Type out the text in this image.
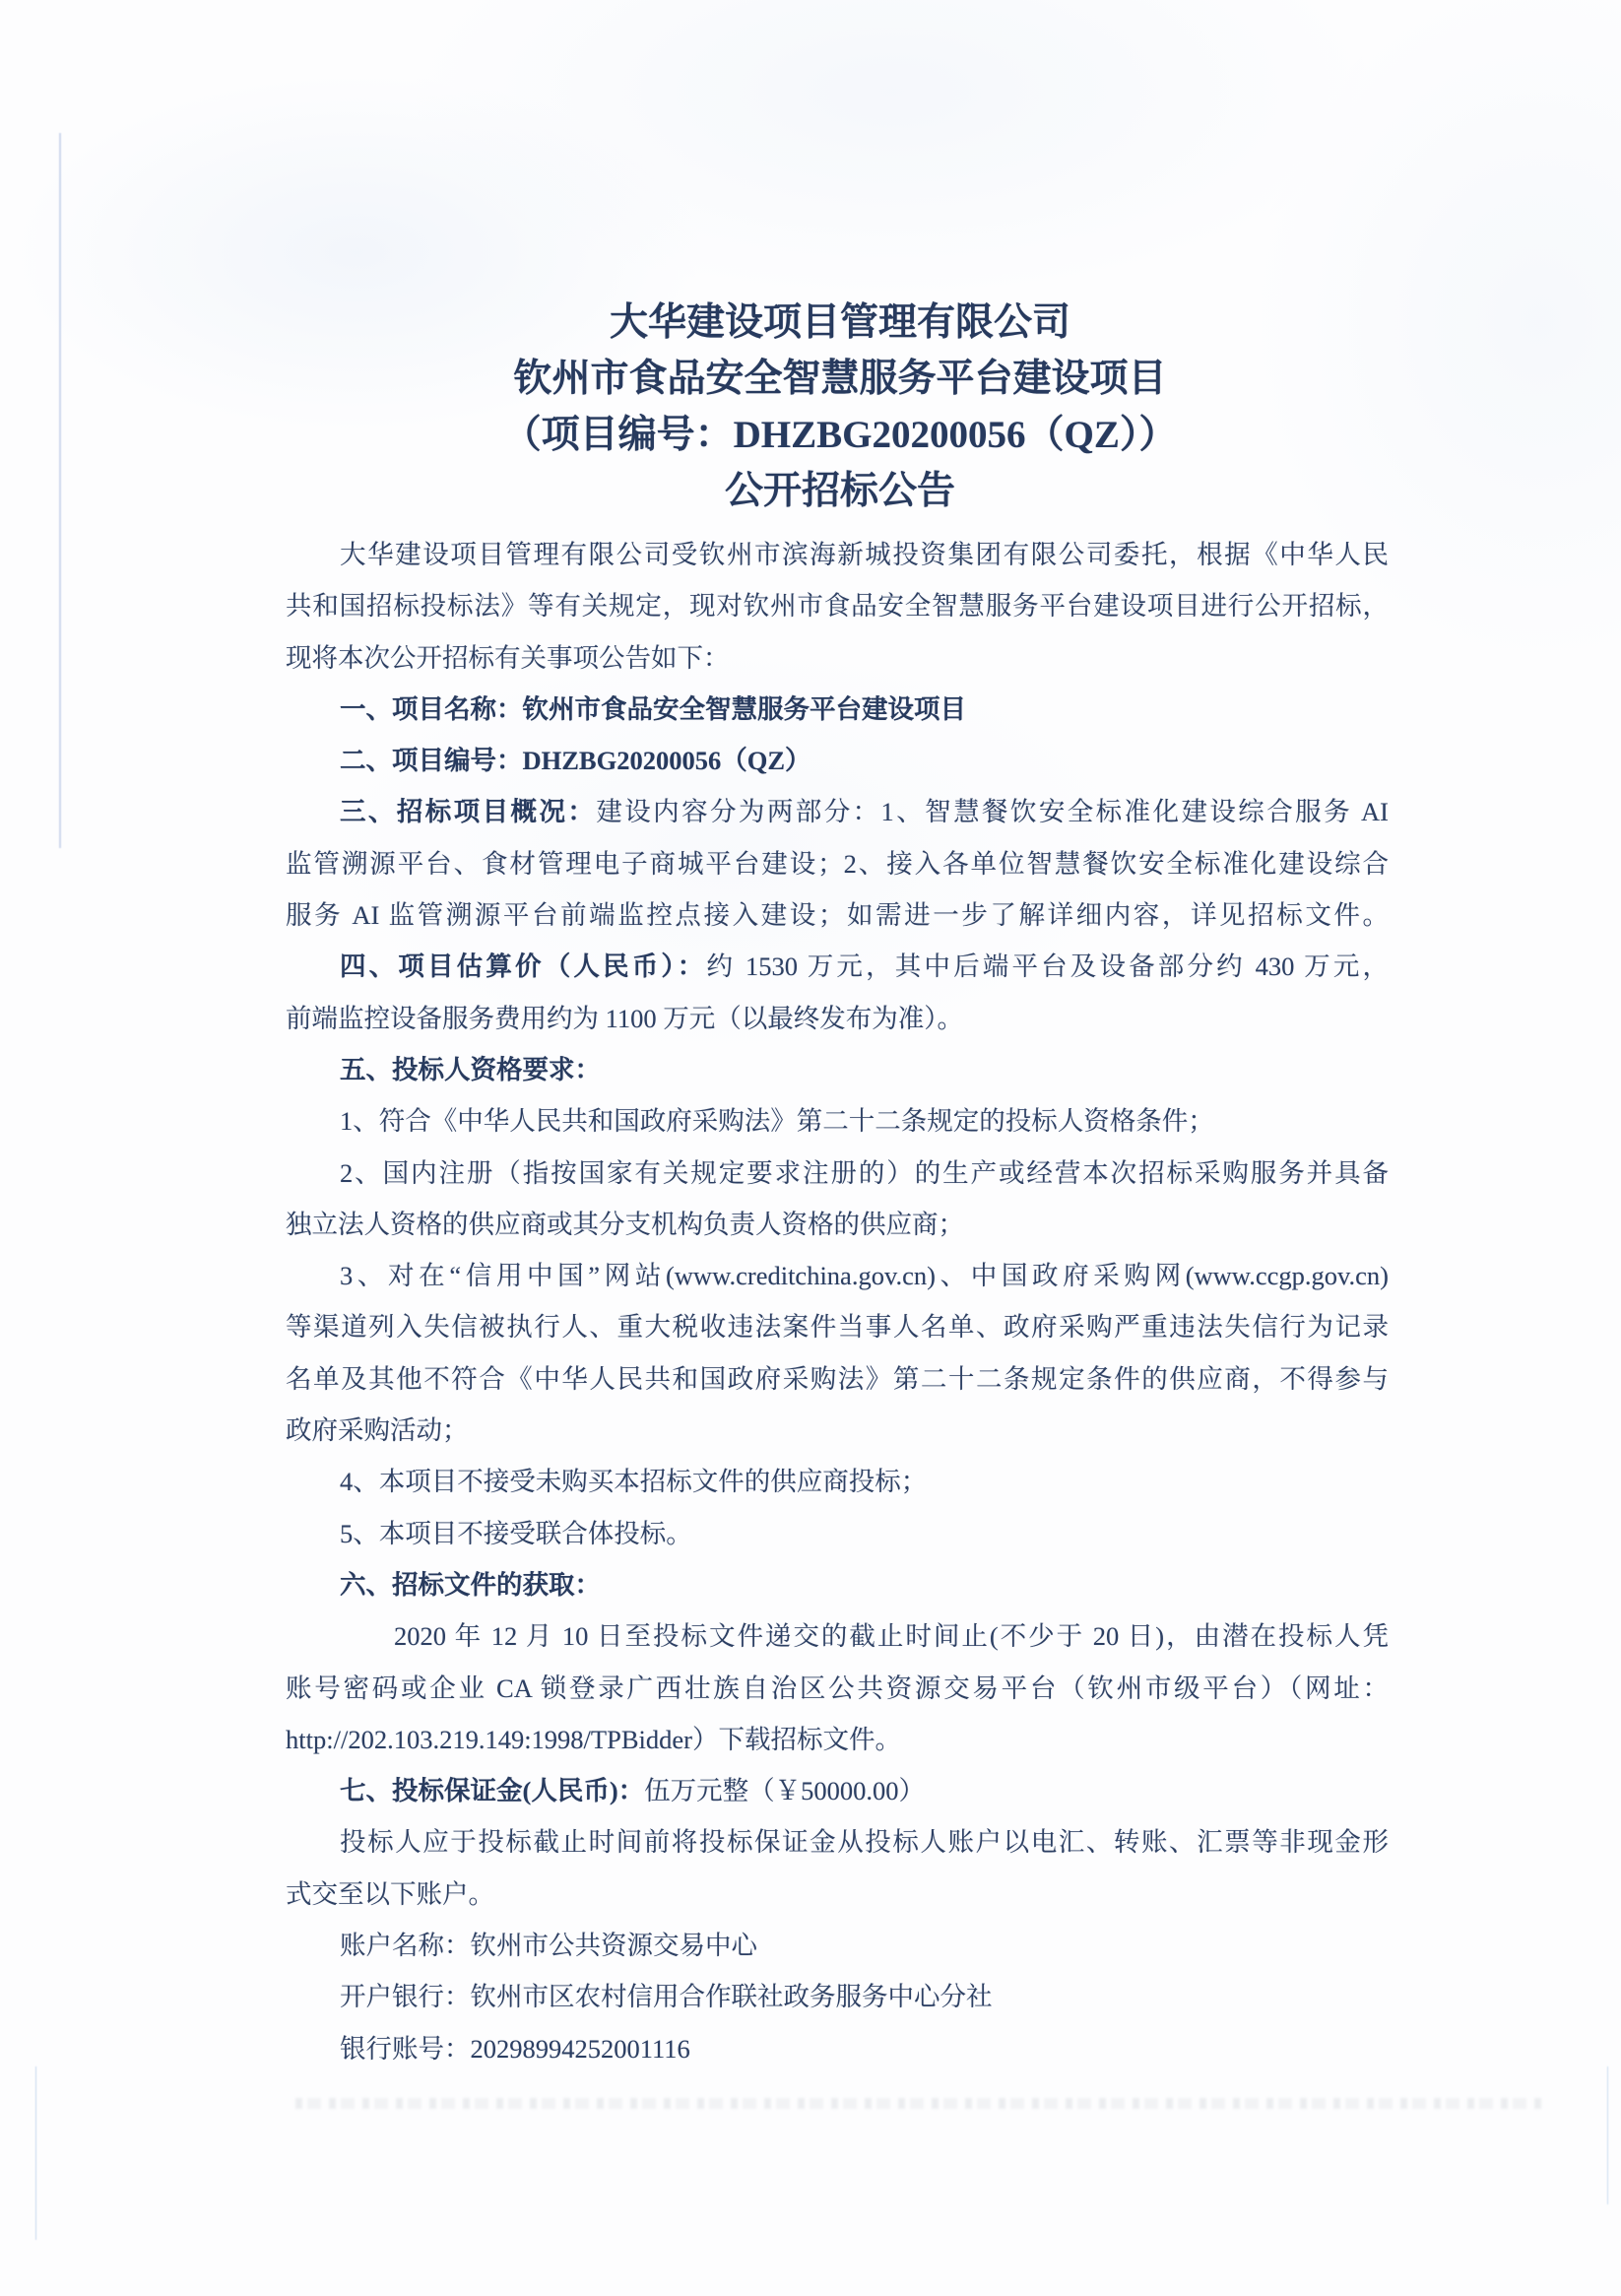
大华建设项目管理有限公司
钦州市食品安全智慧服务平台建设项目
（项目编号：DHZBG20200056（QZ））
公开招标公告
大华建设项目管理有限公司受钦州市滨海新城投资集团有限公司委托，根据《中华人民
共和国招标投标法》等有关规定，现对钦州市食品安全智慧服务平台建设项目进行公开招标，
现将本次公开招标有关事项公告如下：
一、项目名称：钦州市食品安全智慧服务平台建设项目
二、项目编号：DHZBG20200056（QZ）
三、招标项目概况：建设内容分为两部分：1、智慧餐饮安全标准化建设综合服务 AI
监管溯源平台、食材管理电子商城平台建设；2、接入各单位智慧餐饮安全标准化建设综合
服务 AI 监管溯源平台前端监控点接入建设；如需进一步了解详细内容，详见招标文件。
四、项目估算价（人民币）：约 1530 万元，其中后端平台及设备部分约 430 万元，
前端监控设备服务费用约为 1100 万元（以最终发布为准）。
五、投标人资格要求：
1、符合《中华人民共和国政府采购法》第二十二条规定的投标人资格条件；
2、国内注册（指按国家有关规定要求注册的）的生产或经营本次招标采购服务并具备
独立法人资格的供应商或其分支机构负责人资格的供应商；
3、对在“信用中国”网站(www.creditchina.gov.cn)、中国政府采购网(www.ccgp.gov.cn)
等渠道列入失信被执行人、重大税收违法案件当事人名单、政府采购严重违法失信行为记录
名单及其他不符合《中华人民共和国政府采购法》第二十二条规定条件的供应商，不得参与
政府采购活动；
4、本项目不接受未购买本招标文件的供应商投标；
5、本项目不接受联合体投标。
六、招标文件的获取：
2020 年 12 月 10 日至投标文件递交的截止时间止(不少于 20 日)，由潜在投标人凭
账号密码或企业 CA 锁登录广西壮族自治区公共资源交易平台（钦州市级平台）（网址：
http://202.103.219.149:1998/TPBidder）下载招标文件。
七、投标保证金(人民币)：伍万元整（￥50000.00）
投标人应于投标截止时间前将投标保证金从投标人账户以电汇、转账、汇票等非现金形
式交至以下账户。
账户名称：钦州市公共资源交易中心
开户银行：钦州市区农村信用合作联社政务服务中心分社
银行账号：20298994252001116
